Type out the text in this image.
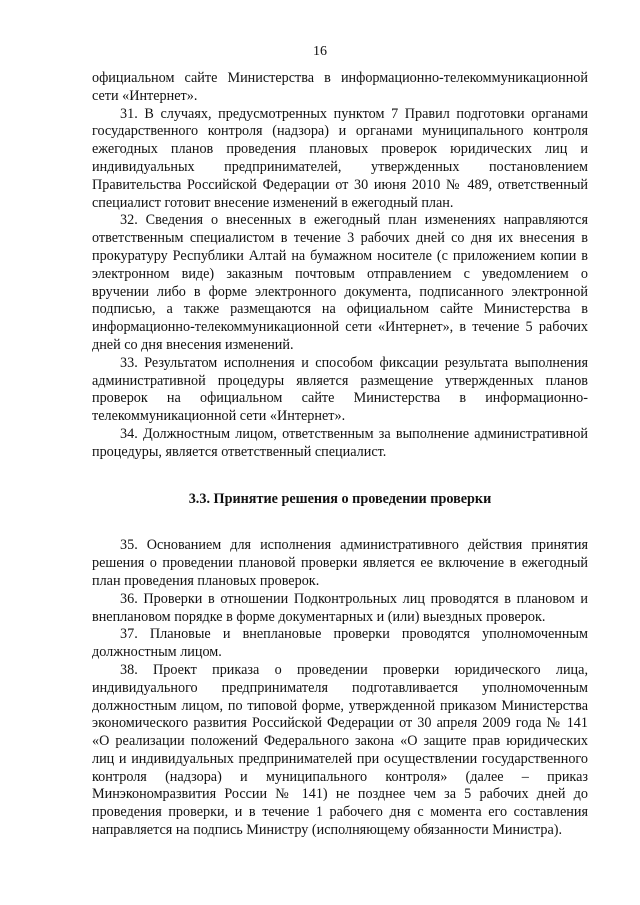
16

официальном сайте Министерства в информационно-телекоммуникационной сети «Интернет».

31. В случаях, предусмотренных пунктом 7 Правил подготовки органами государственного контроля (надзора) и органами муниципального контроля ежегодных планов проведения плановых проверок юридических лиц и индивидуальных предпринимателей, утвержденных постановлением Правительства Российской Федерации от 30 июня 2010 № 489, ответственный специалист готовит внесение изменений в ежегодный план.

32. Сведения о внесенных в ежегодный план изменениях направляются ответственным специалистом в течение 3 рабочих дней со дня их внесения в прокуратуру Республики Алтай на бумажном носителе (с приложением копии в электронном виде) заказным почтовым отправлением с уведомлением о вручении либо в форме электронного документа, подписанного электронной подписью, а также размещаются на официальном сайте Министерства в информационно-телекоммуникационной сети «Интернет», в течение 5 рабочих дней со дня внесения изменений.

33. Результатом исполнения и способом фиксации результата выполнения административной процедуры является размещение утвержденных планов проверок на официальном сайте Министерства в информационно-телекоммуникационной сети «Интернет».

34. Должностным лицом, ответственным за выполнение административной процедуры, является ответственный специалист.

3.3. Принятие решения о проведении проверки

35. Основанием для исполнения административного действия принятия решения о проведении плановой проверки является ее включение в ежегодный план проведения плановых проверок.

36. Проверки в отношении Подконтрольных лиц проводятся в плановом и внеплановом порядке в форме документарных и (или) выездных проверок.

37. Плановые и внеплановые проверки проводятся уполномоченным должностным лицом.

38. Проект приказа о проведении проверки юридического лица, индивидуального предпринимателя подготавливается уполномоченным должностным лицом, по типовой форме, утвержденной приказом Министерства экономического развития Российской Федерации от 30 апреля 2009 года № 141 «О реализации положений Федерального закона «О защите прав юридических лиц и индивидуальных предпринимателей при осуществлении государственного контроля (надзора) и муниципального контроля» (далее – приказ Минэкономразвития России № 141) не позднее чем за 5 рабочих дней до проведения проверки, и в течение 1 рабочего дня с момента его составления направляется на подпись Министру (исполняющему обязанности Министра).
